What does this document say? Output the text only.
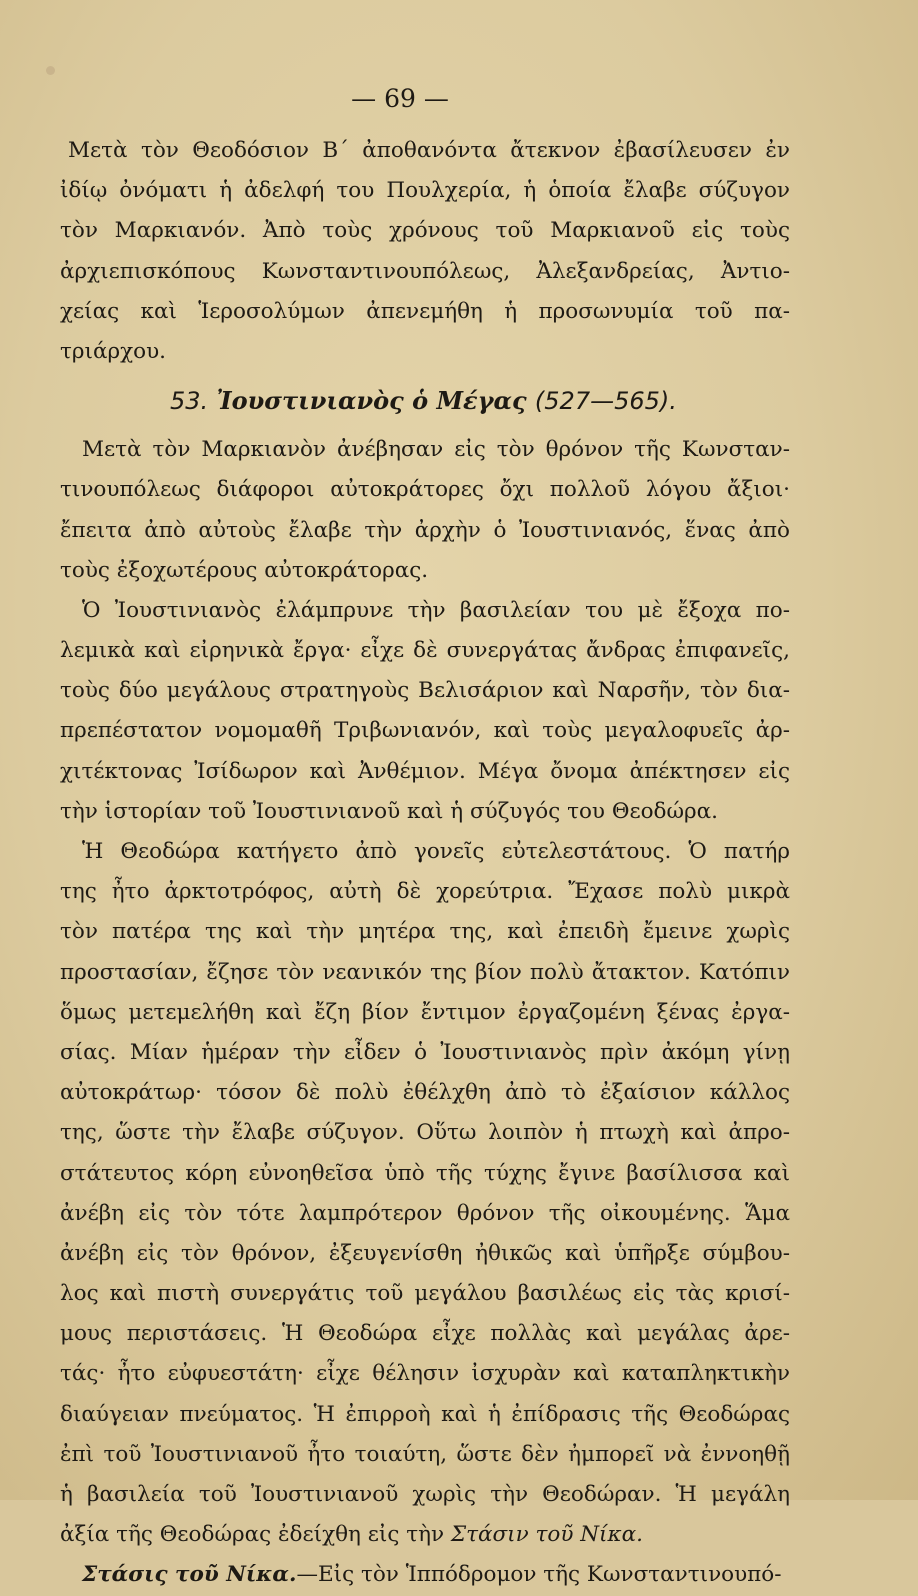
— 69 —
Μετὰ τὸν Θεοδόσιον Β΄ ἀποθανόντα ἄτεκνον ἐβασίλευσεν ἐν
ἰδίῳ ὀνόματι ἡ ἀδελφή του Πουλχερία, ἡ ὁποία ἔλαβε σύζυγον
τὸν Μαρκιανόν. Ἀπὸ τοὺς χρόνους τοῦ Μαρκιανοῦ εἰς τοὺς
ἀρχιεπισκόπους Κωνσταντινουπόλεως, Ἀλεξανδρείας, Ἀντιο-
χείας καὶ Ἱεροσολύμων ἀπενεμήθη ἡ προσωνυμία τοῦ πα-
τριάρχου.
53. Ἰουστινιανὸς ὁ Μέγας (527—565).
Μετὰ τὸν Μαρκιανὸν ἀνέβησαν εἰς τὸν θρόνον τῆς Κωνσταν-
τινουπόλεως διάφοροι αὐτοκράτορες ὄχι πολλοῦ λόγου ἄξιοι·
ἔπειτα ἀπὸ αὐτοὺς ἔλαβε τὴν ἀρχὴν ὁ Ἰουστινιανός, ἕνας ἀπὸ
τοὺς ἐξοχωτέρους αὐτοκράτορας.
Ὁ Ἰουστινιανὸς ἐλάμπρυνε τὴν βασιλείαν του μὲ ἔξοχα πο-
λεμικὰ καὶ εἰρηνικὰ ἔργα· εἶχε δὲ συνεργάτας ἄνδρας ἐπιφανεῖς,
τοὺς δύο μεγάλους στρατηγοὺς Βελισάριον καὶ Ναρσῆν, τὸν δια-
πρεπέστατον νομομαθῆ Τριβωνιανόν, καὶ τοὺς μεγαλοφυεῖς ἀρ-
χιτέκτονας Ἰσίδωρον καὶ Ἀνθέμιον. Μέγα ὄνομα ἀπέκτησεν εἰς
τὴν ἱστορίαν τοῦ Ἰουστινιανοῦ καὶ ἡ σύζυγός του Θεοδώρα.
Ἡ Θεοδώρα κατήγετο ἀπὸ γονεῖς εὐτελεστάτους. Ὁ πατήρ
της ἦτο ἀρκτοτρόφος, αὐτὴ δὲ χορεύτρια. Ἔχασε πολὺ μικρὰ
τὸν πατέρα της καὶ τὴν μητέρα της, καὶ ἐπειδὴ ἔμεινε χωρὶς
προστασίαν, ἔζησε τὸν νεανικόν της βίον πολὺ ἄτακτον. Κατόπιν
ὅμως μετεμελήθη καὶ ἔζη βίον ἔντιμον ἐργαζομένη ξένας ἐργα-
σίας. Μίαν ἡμέραν τὴν εἶδεν ὁ Ἰουστινιανὸς πρὶν ἀκόμη γίνῃ
αὐτοκράτωρ· τόσον δὲ πολὺ ἐθέλχθη ἀπὸ τὸ ἐξαίσιον κάλλος
της, ὥστε τὴν ἔλαβε σύζυγον. Οὕτω λοιπὸν ἡ πτωχὴ καὶ ἀπρο-
στάτευτος κόρη εὐνοηθεῖσα ὑπὸ τῆς τύχης ἔγινε βασίλισσα καὶ
ἀνέβη εἰς τὸν τότε λαμπρότερον θρόνον τῆς οἰκουμένης. Ἅμα
ἀνέβη εἰς τὸν θρόνον, ἐξευγενίσθη ἠθικῶς καὶ ὑπῆρξε σύμβου-
λος καὶ πιστὴ συνεργάτις τοῦ μεγάλου βασιλέως εἰς τὰς κρισί-
μους περιστάσεις. Ἡ Θεοδώρα εἶχε πολλὰς καὶ μεγάλας ἀρε-
τάς· ἦτο εὐφυεστάτη· εἶχε θέλησιν ἰσχυρὰν καὶ καταπληκτικὴν
διαύγειαν πνεύματος. Ἡ ἐπιρροὴ καὶ ἡ ἐπίδρασις τῆς Θεοδώρας
ἐπὶ τοῦ Ἰουστινιανοῦ ἦτο τοιαύτη, ὥστε δὲν ἠμπορεῖ νὰ ἐννοηθῇ
ἡ βασιλεία τοῦ Ἰουστινιανοῦ χωρὶς τὴν Θεοδώραν. Ἡ μεγάλη
ἀξία τῆς Θεοδώρας ἐδείχθη εἰς τὴν Στάσιν τοῦ Νίκα.
Στάσις τοῦ Νίκα.—Εἰς τὸν Ἱππόδρομον τῆς Κωνσταντινουπό-
